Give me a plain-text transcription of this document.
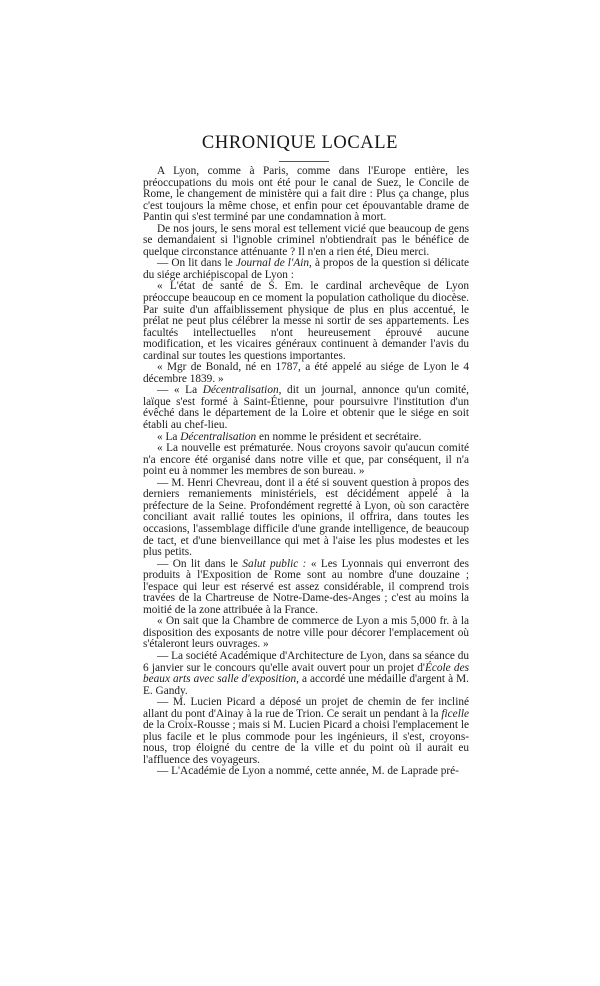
CHRONIQUE LOCALE

A Lyon, comme à Paris, comme dans l'Europe entière, les préoccupations du mois ont été pour le canal de Suez, le Concile de Rome, le changement de ministère qui a fait dire : Plus ça change, plus c'est toujours la même chose, et enfin pour cet épouvantable drame de Pantin qui s'est terminé par une condamnation à mort.

De nos jours, le sens moral est tellement vicié que beaucoup de gens se demandaient si l'ignoble criminel n'obtiendrait pas le bénéfice de quelque circonstance atténuante ? Il n'en a rien été, Dieu merci.

— On lit dans le Journal de l'Ain, à propos de la question si délicate du siége archiépiscopal de Lyon :

« L'état de santé de S. Em. le cardinal archevêque de Lyon préoccupe beaucoup en ce moment la population catholique du diocèse. Par suite d'un affaiblissement physique de plus en plus accentué, le prélat ne peut plus célébrer la messe ni sortir de ses appartements. Les facultés intellectuelles n'ont heureusement éprouvé aucune modification, et les vicaires généraux continuent à demander l'avis du cardinal sur toutes les questions importantes.

« Mgr de Bonald, né en 1787, a été appelé au siége de Lyon le 4 décembre 1839. »

— « La Décentralisation, dit un journal, annonce qu'un comité, laïque s'est formé à Saint-Étienne, pour poursuivre l'institution d'un évêché dans le département de la Loire et obtenir que le siége en soit établi au chef-lieu.

« La Décentralisation en nomme le président et secrétaire.

« La nouvelle est prématurée. Nous croyons savoir qu'aucun comité n'a encore été organisé dans notre ville et que, par conséquent, il n'a point eu à nommer les membres de son bureau. »

— M. Henri Chevreau, dont il a été si souvent question à propos des derniers remaniements ministériels, est décidément appelé à la préfecture de la Seine. Profondément regretté à Lyon, où son caractère conciliant avait rallié toutes les opinions, il offrira, dans toutes les occasions, l'assemblage difficile d'une grande intelligence, de beaucoup de tact, et d'une bienveillance qui met à l'aise les plus modestes et les plus petits.

— On lit dans le Salut public : « Les Lyonnais qui enverront des produits à l'Exposition de Rome sont au nombre d'une douzaine ; l'espace qui leur est réservé est assez considérable, il comprend trois travées de la Chartreuse de Notre-Dame-des-Anges ; c'est au moins la moitié de la zone attribuée à la France.

« On sait que la Chambre de commerce de Lyon a mis 5,000 fr. à la disposition des exposants de notre ville pour décorer l'emplacement où s'étaleront leurs ouvrages. »

— La société Académique d'Architecture de Lyon, dans sa séance du 6 janvier sur le concours qu'elle avait ouvert pour un projet d'École des beaux arts avec salle d'exposition, a accordé une médaille d'argent à M. E. Gandy.

— M. Lucien Picard a déposé un projet de chemin de fer incliné allant du pont d'Ainay à la rue de Trion. Ce serait un pendant à la ficelle de la Croix-Rousse ; mais si M. Lucien Picard a choisi l'emplacement le plus facile et le plus commode pour les ingénieurs, il s'est, croyons-nous, trop éloigné du centre de la ville et du point où il aurait eu l'affluence des voyageurs.

— L'Académie de Lyon a nommé, cette année, M. de Laprade pré-
